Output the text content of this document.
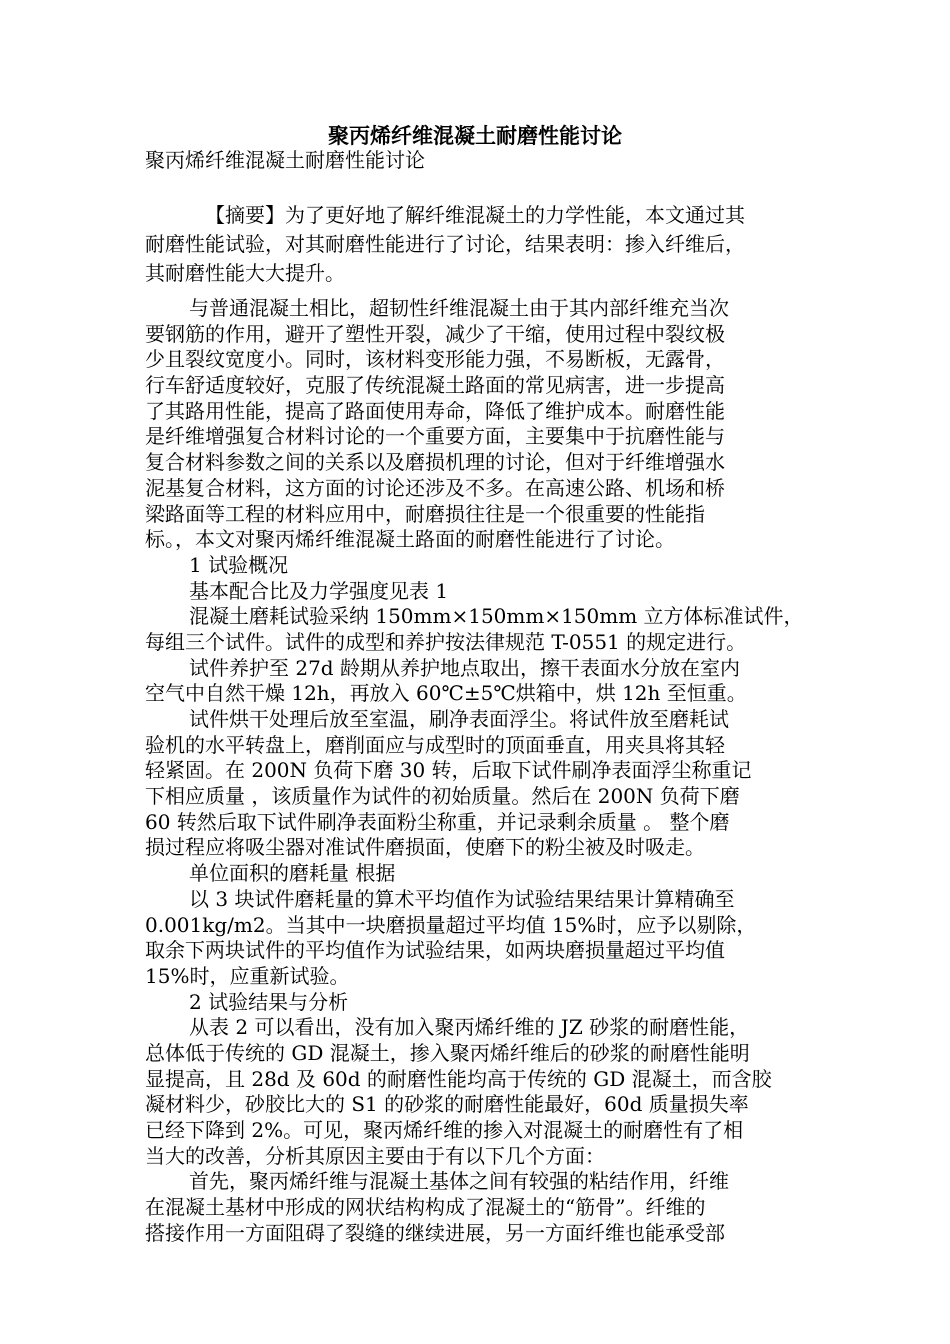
聚丙烯纤维混凝土耐磨性能讨论
聚丙烯纤维混凝土耐磨性能讨论
【摘要】为了更好地了解纤维混凝土的力学性能，本文通过其
耐磨性能试验，对其耐磨性能进行了讨论，结果表明：掺入纤维后，
其耐磨性能大大提升。
与普通混凝土相比，超韧性纤维混凝土由于其内部纤维充当次
要钢筋的作用，避开了塑性开裂，减少了干缩，使用过程中裂纹极
少且裂纹宽度小。同时，该材料变形能力强，不易断板，无露骨，
行车舒适度较好，克服了传统混凝土路面的常见病害，进一步提高
了其路用性能，提高了路面使用寿命，降低了维护成本。耐磨性能
是纤维增强复合材料讨论的一个重要方面，主要集中于抗磨性能与
复合材料参数之间的关系以及磨损机理的讨论，但对于纤维增强水
泥基复合材料，这方面的讨论还涉及不多。在高速公路、机场和桥
梁路面等工程的材料应用中，耐磨损往往是一个很重要的性能指
标。，本文对聚丙烯纤维混凝土路面的耐磨性能进行了讨论。
1 试验概况
基本配合比及力学强度见表 1
混凝土磨耗试验采纳 150mm×150mm×150mm 立方体标准试件，
每组三个试件。试件的成型和养护按法律规范 T-0551 的规定进行。
试件养护至 27d 龄期从养护地点取出，擦干表面水分放在室内
空气中自然干燥 12h，再放入 60℃±5℃烘箱中，烘 12h 至恒重。
试件烘干处理后放至室温，刷净表面浮尘。将试件放至磨耗试
验机的水平转盘上，磨削面应与成型时的顶面垂直，用夹具将其轻
轻紧固。在 200N 负荷下磨 30 转，后取下试件刷净表面浮尘称重记
下相应质量 ，该质量作为试件的初始质量。然后在 200N 负荷下磨
60 转然后取下试件刷净表面粉尘称重，并记录剩余质量 。 整个磨
损过程应将吸尘器对准试件磨损面，使磨下的粉尘被及时吸走。
单位面积的磨耗量 根据
以 3 块试件磨耗量的算术平均值作为试验结果结果计算精确至
0.001kg/m2。当其中一块磨损量超过平均值 15%时，应予以剔除，
取余下两块试件的平均值作为试验结果，如两块磨损量超过平均值
15%时，应重新试验。
2 试验结果与分析
从表 2 可以看出，没有加入聚丙烯纤维的 JZ 砂浆的耐磨性能，
总体低于传统的 GD 混凝土，掺入聚丙烯纤维后的砂浆的耐磨性能明
显提高，且 28d 及 60d 的耐磨性能均高于传统的 GD 混凝土，而含胶
凝材料少，砂胶比大的 S1 的砂浆的耐磨性能最好，60d 质量损失率
已经下降到 2%。可见，聚丙烯纤维的掺入对混凝土的耐磨性有了相
当大的改善，分析其原因主要由于有以下几个方面：
首先，聚丙烯纤维与混凝土基体之间有较强的粘结作用，纤维
在混凝土基材中形成的网状结构构成了混凝土的“筋骨”。纤维的
搭接作用一方面阻碍了裂缝的继续进展，另一方面纤维也能承受部
